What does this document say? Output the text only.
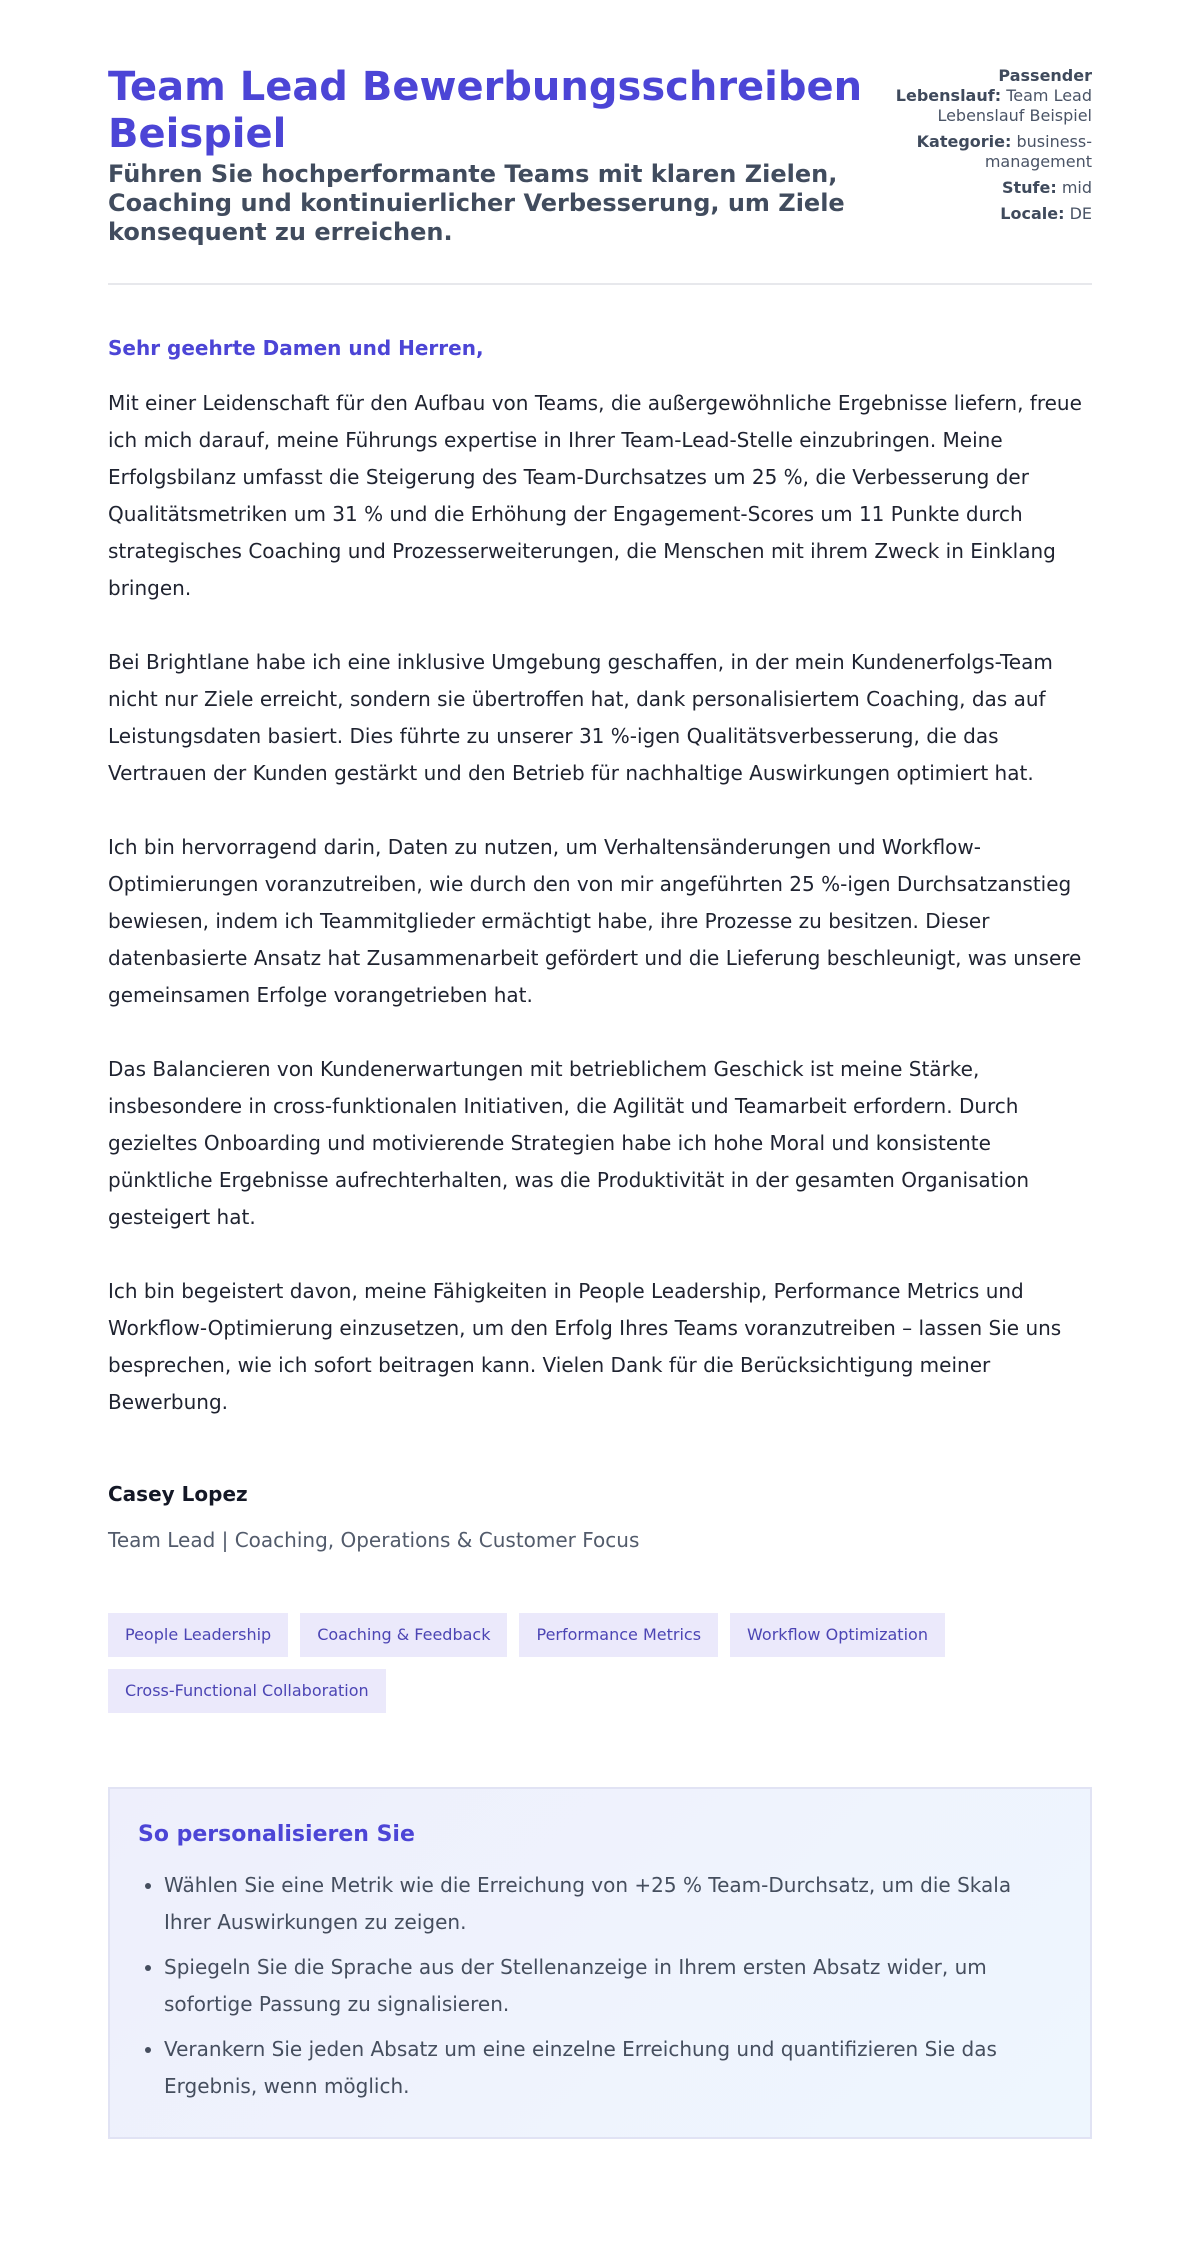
Team Lead Bewerbungsschreiben Beispiel

Führen Sie hochperformante Teams mit klaren Zielen, Coaching und kontinuierlicher Verbesserung, um Ziele konsequent zu erreichen.

Passender Lebenslauf: Team Lead Lebenslauf Beispiel
Kategorie: business-management
Stufe: mid
Locale: DE

Sehr geehrte Damen und Herren,

Mit einer Leidenschaft für den Aufbau von Teams, die außergewöhnliche Ergebnisse liefern, freue ich mich darauf, meine Führungs expertise in Ihrer Team-Lead-Stelle einzubringen. Meine Erfolgsbilanz umfasst die Steigerung des Team-Durchsatzes um 25 %, die Verbesserung der Qualitätsmetriken um 31 % und die Erhöhung der Engagement-Scores um 11 Punkte durch strategisches Coaching und Prozesserweiterungen, die Menschen mit ihrem Zweck in Einklang bringen.

Bei Brightlane habe ich eine inklusive Umgebung geschaffen, in der mein Kundenerfolgs-Team nicht nur Ziele erreicht, sondern sie übertroffen hat, dank personalisiertem Coaching, das auf Leistungsdaten basiert. Dies führte zu unserer 31 %-igen Qualitätsverbesserung, die das Vertrauen der Kunden gestärkt und den Betrieb für nachhaltige Auswirkungen optimiert hat.

Ich bin hervorragend darin, Daten zu nutzen, um Verhaltensänderungen und Workflow-Optimierungen voranzutreiben, wie durch den von mir angeführten 25 %-igen Durchsatzanstieg bewiesen, indem ich Teammitglieder ermächtigt habe, ihre Prozesse zu besitzen. Dieser datenbasierte Ansatz hat Zusammenarbeit gefördert und die Lieferung beschleunigt, was unsere gemeinsamen Erfolge vorangetrieben hat.

Das Balancieren von Kundenerwartungen mit betrieblichem Geschick ist meine Stärke, insbesondere in cross-funktionalen Initiativen, die Agilität und Teamarbeit erfordern. Durch gezieltes Onboarding und motivierende Strategien habe ich hohe Moral und konsistente pünktliche Ergebnisse aufrechterhalten, was die Produktivität in der gesamten Organisation gesteigert hat.

Ich bin begeistert davon, meine Fähigkeiten in People Leadership, Performance Metrics und Workflow-Optimierung einzusetzen, um den Erfolg Ihres Teams voranzutreiben – lassen Sie uns besprechen, wie ich sofort beitragen kann. Vielen Dank für die Berücksichtigung meiner Bewerbung.

Casey Lopez
Team Lead | Coaching, Operations & Customer Focus
People Leadership	Coaching & Feedback	Performance Metrics	Workflow Optimization
Cross-Functional Collaboration
So personalisieren Sie
• Wählen Sie eine Metrik wie die Erreichung von +25 % Team-Durchsatz, um die Skala Ihrer Auswirkungen zu zeigen.
• Spiegeln Sie die Sprache aus der Stellenanzeige in Ihrem ersten Absatz wider, um sofortige Passung zu signalisieren.
• Verankern Sie jeden Absatz um eine einzelne Erreichung und quantifizieren Sie das Ergebnis, wenn möglich.
